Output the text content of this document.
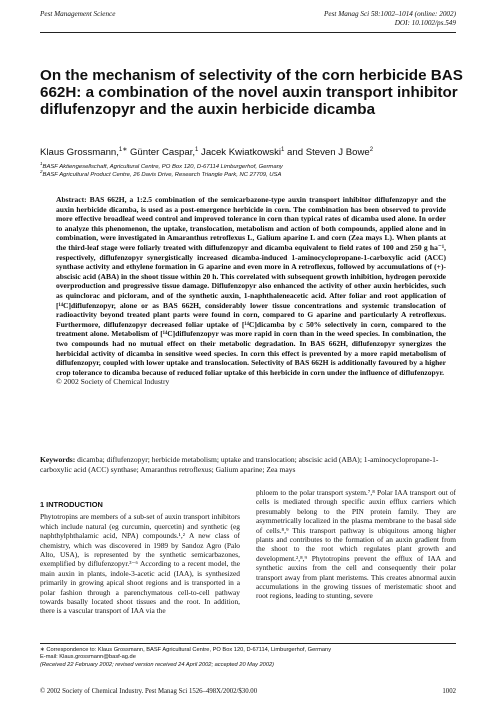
Pest Management Science	Pest Manag Sci 58:1002–1014 (online: 2002)
DOI: 10.1002/ps.549
On the mechanism of selectivity of the corn herbicide BAS 662H: a combination of the novel auxin transport inhibitor diflufenzopyr and the auxin herbicide dicamba
Klaus Grossmann,$^{1∗}$ Günter Caspar,$^1$ Jacek Kwiatkowski$^1$ and Steven J Bowe$^2$
$^1$BASF Aktiengesellschaft, Agricultural Centre, PO Box 120, D-67114 Limburgerhof, Germany
$^2$BASF Agricultural Product Centre, 26 Davis Drive, Research Triangle Park, NC 27709, USA
Abstract: BAS 662H, a 1:2.5 combination of the semicarbazone-type auxin transport inhibitor diflufenzopyr and the auxin herbicide dicamba, is used as a post-emergence herbicide in corn. The combination has been observed to provide more effective broadleaf weed control and improved tolerance in corn than typical rates of dicamba used alone. In order to analyze this phenomenon, the uptake, translocation, metabolism and action of both compounds, applied alone and in combination, were investigated in Amaranthus retroflexus L, Galium aparine L and corn (Zea mays L). When plants at the third-leaf stage were foliarly treated with diflufenzopyr and dicamba equivalent to field rates of 100 and 250 g ha⁻¹, respectively, diflufenzopyr synergistically increased dicamba-induced 1-aminocyclopropane-1-carboxylic acid (ACC) synthase activity and ethylene formation in G aparine and even more in A retroflexus, followed by accumulations of (+)-abscisic acid (ABA) in the shoot tissue within 20 h. This correlated with subsequent growth inhibition, hydrogen peroxide overproduction and progressive tissue damage. Diflufenzopyr also enhanced the activity of other auxin herbicides, such as quinclorac and picloram, and of the synthetic auxin, 1-naphthaleneacetic acid. After foliar and root application of [¹⁴C]diflufenzopyr, alone or as BAS 662H, considerably lower tissue concentrations and systemic translocation of radioactivity beyond treated plant parts were found in corn, compared to G aparine and particularly A retroflexus. Furthermore, diflufenzopyr decreased foliar uptake of [¹⁴C]dicamba by c 50% selectively in corn, compared to the treatment alone. Metabolism of [¹⁴C]diflufenzopyr was more rapid in corn than in the weed species. In combination, the two compounds had no mutual effect on their metabolic degradation. In BAS 662H, diflufenzopyr synergizes the herbicidal activity of dicamba in sensitive weed species. In corn this effect is prevented by a more rapid metabolism of diflufenzopyr, coupled with lower uptake and translocation. Selectivity of BAS 662H is additionally favoured by a higher crop tolerance to dicamba because of reduced foliar uptake of this herbicide in corn under the influence of diflufenzopyr.
© 2002 Society of Chemical Industry
Keywords: dicamba; diflufenzopyr; herbicide metabolism; uptake and translocation; abscisic acid (ABA); 1-aminocyclopropane-1-carboxylic acid (ACC) synthase; Amaranthus retroflexus; Galium aparine; Zea mays
1 INTRODUCTION

Phytotropins are members of a sub-set of auxin transport inhibitors which include natural (eg curcumin, quercetin) and synthetic (eg naphthylphthalamic acid, NPA) compounds.¹,² A new class of chemistry, which was discovered in 1989 by Sandoz Agro (Palo Alto, USA), is represented by the synthetic semicarbazones, exemplified by diflufenzopyr.³⁻⁶ According to a recent model, the main auxin in plants, indole-3-acetic acid (IAA), is synthesized primarily in growing apical shoot regions and is transported in a polar fashion through a parenchymatous cell-to-cell pathway towards basally located shoot tissues and the root. In addition, there is a vascular transport of IAA via the

phloem to the polar transport system.⁷,⁸ Polar IAA transport out of cells is mediated through specific auxin efflux carriers which presumably belong to the PIN protein family. They are asymmetrically localized in the plasma membrane to the basal side of cells.⁸,⁹ This transport pathway is ubiquitous among higher plants and contributes to the formation of an auxin gradient from the shoot to the root which regulates plant growth and development.²,⁸,⁹ Phytotropins prevent the efflux of IAA and synthetic auxins from the cell and consequently their polar transport away from plant meristems. This creates abnormal auxin accumulations in the growing tissues of meristematic shoot and root regions, leading to stunting, severe

∗ Correspondence to: Klaus Grossmann, BASF Agricultural Centre, PO Box 120, D-67114, Limburgerhof, Germany
E-mail: Klaus.grossmann@basf-ag.de
(Received 22 February 2002; revised version received 24 April 2002; accepted 20 May 2002)
© 2002 Society of Chemical Industry. Pest Manag Sci 1526–498X/2002/$30.00	1002
